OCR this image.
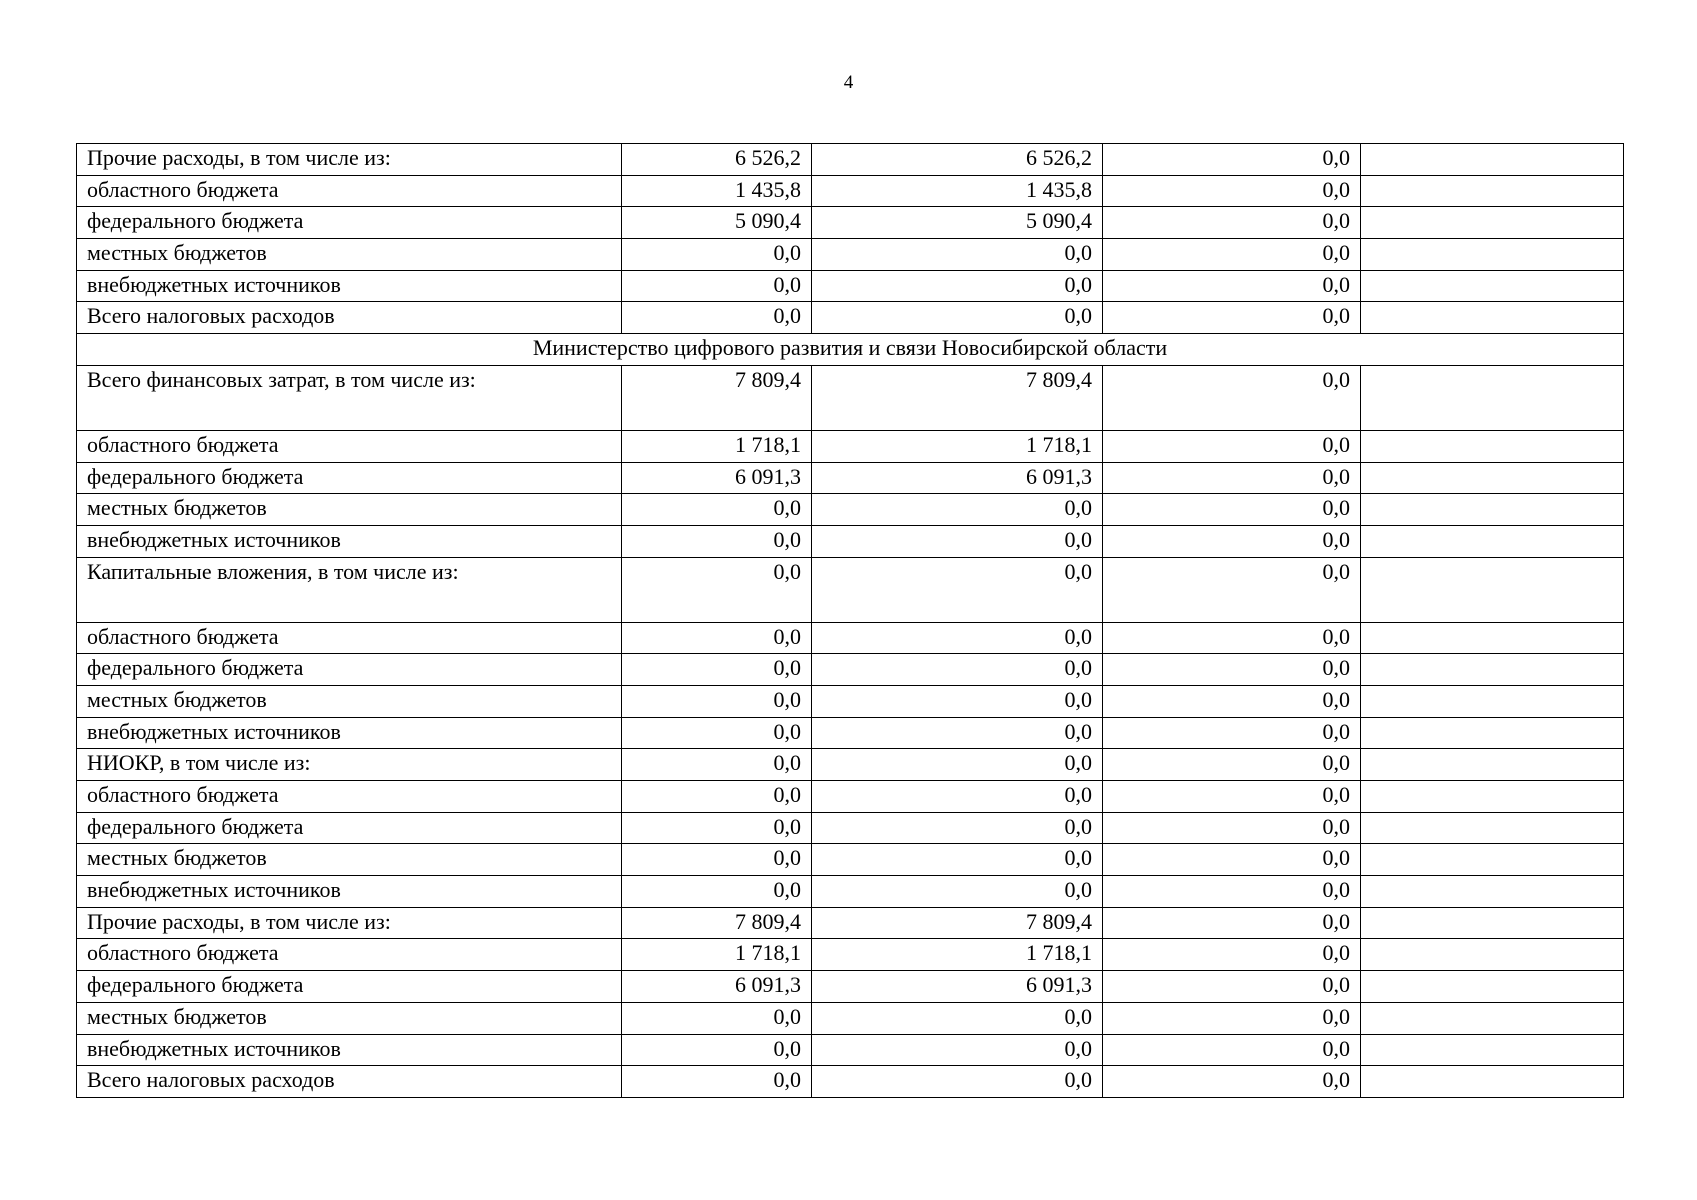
4
Прочие расходы, в том числе из:	6 526,2	6 526,2	0,0	
областного бюджета	1 435,8	1 435,8	0,0	
федерального бюджета	5 090,4	5 090,4	0,0	
местных бюджетов	0,0	0,0	0,0	
внебюджетных источников	0,0	0,0	0,0	
Всего налоговых расходов	0,0	0,0	0,0	
Министерство цифрового развития и связи Новосибирской области				
Всего финансовых затрат, в том числе из:	7 809,4	7 809,4	0,0	
областного бюджета	1 718,1	1 718,1	0,0	
федерального бюджета	6 091,3	6 091,3	0,0	
местных бюджетов	0,0	0,0	0,0	
внебюджетных источников	0,0	0,0	0,0	
Капитальные вложения, в том числе из:	0,0	0,0	0,0	
областного бюджета	0,0	0,0	0,0	
федерального бюджета	0,0	0,0	0,0	
местных бюджетов	0,0	0,0	0,0	
внебюджетных источников	0,0	0,0	0,0	
НИОКР, в том числе из:	0,0	0,0	0,0	
областного бюджета	0,0	0,0	0,0	
федерального бюджета	0,0	0,0	0,0	
местных бюджетов	0,0	0,0	0,0	
внебюджетных источников	0,0	0,0	0,0	
Прочие расходы, в том числе из:	7 809,4	7 809,4	0,0	
областного бюджета	1 718,1	1 718,1	0,0	
федерального бюджета	6 091,3	6 091,3	0,0	
местных бюджетов	0,0	0,0	0,0	
внебюджетных источников	0,0	0,0	0,0	
Всего налоговых расходов	0,0	0,0	0,0	
